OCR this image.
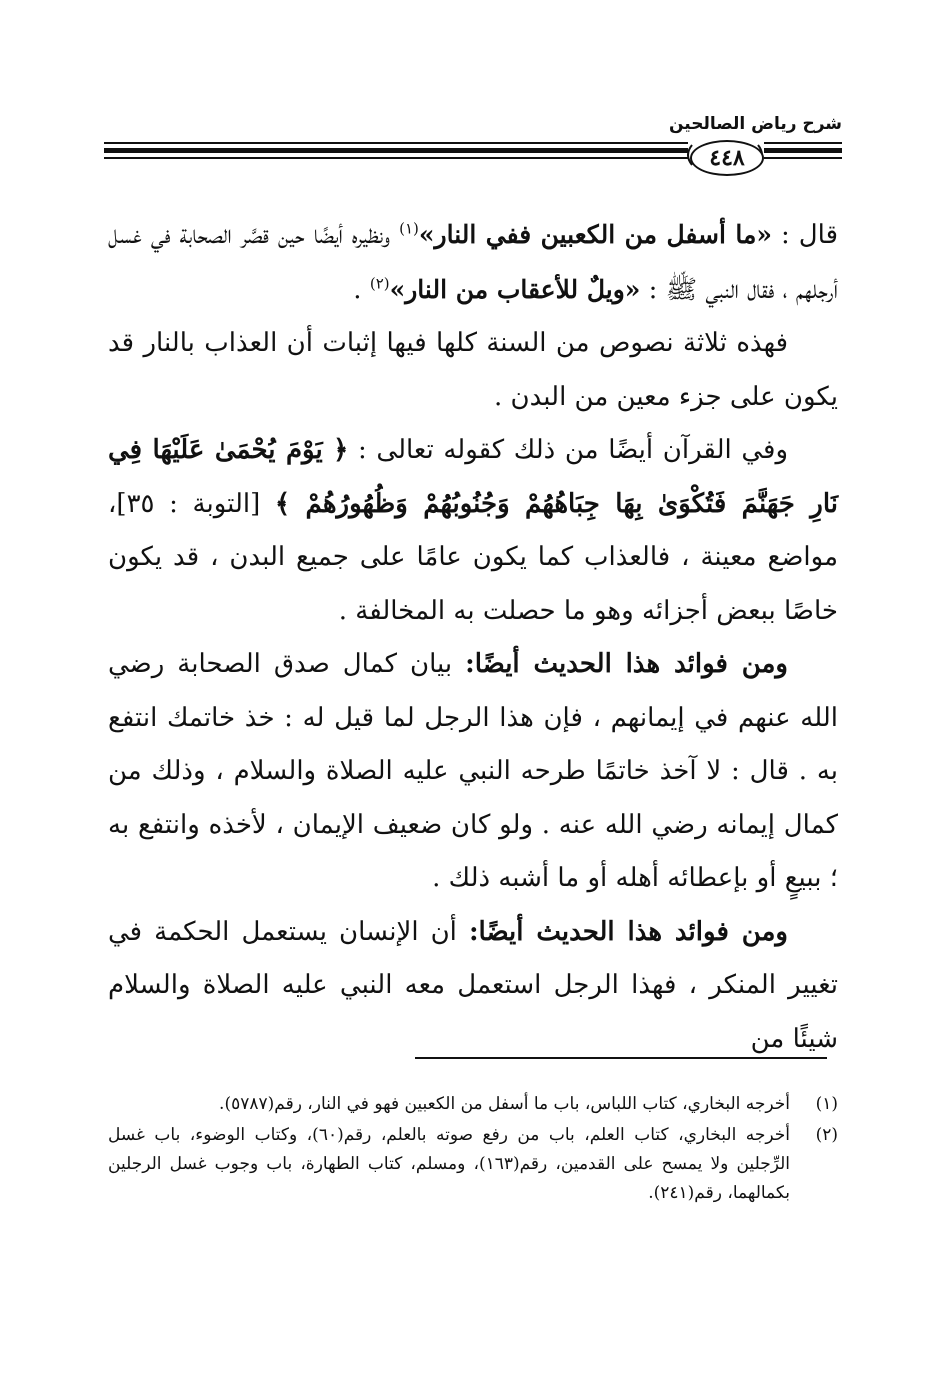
شرح رياض الصالحين
٤٤٨

قال : «ما أسفل من الكعبين ففي النار»$^{(١)}$ ونظيره أيضًا حين قصَّر الصحابة في غسل أرجلهم ، فقال النبي ﷺ : «ويلٌ للأعقاب من النار»$^{(٢)}$ .

فهذه ثلاثة نصوص من السنة كلها فيها إثبات أن العذاب بالنار قد يكون على جزء معين من البدن .

وفي القرآن أيضًا من ذلك كقوله تعالى : ﴿ يَوْمَ يُحْمَىٰ عَلَيْهَا فِي نَارِ جَهَنَّمَ فَتُكْوَىٰ بِهَا جِبَاهُهُمْ وَجُنُوبُهُمْ وَظُهُورُهُمْ ﴾ [التوبة : ٣٥]، مواضع معينة ، فالعذاب كما يكون عامًا على جميع البدن ، قد يكون خاصًا ببعض أجزائه وهو ما حصلت به المخالفة .

ومن فوائد هذا الحديث أيضًا: بيان كمال صدق الصحابة رضي الله عنهم في إيمانهم ، فإن هذا الرجل لما قيل له : خذ خاتمك انتفع به . قال : لا آخذ خاتمًا طرحه النبي عليه الصلاة والسلام ، وذلك من كمال إيمانه رضي الله عنه . ولو كان ضعيف الإيمان ، لأخذه وانتفع به ؛ ببيعٍ أو بإعطائه أهله أو ما أشبه ذلك .

ومن فوائد هذا الحديث أيضًا: أن الإنسان يستعمل الحكمة في تغيير المنكر ، فهذا الرجل استعمل معه النبي عليه الصلاة والسلام شيئًا من

(١)
أخرجه البخاري، كتاب اللباس، باب ما أسفل من الكعبين فهو في النار، رقم(٥٧٨٧).
(٢)
أخرجه البخاري، كتاب العلم، باب من رفع صوته بالعلم، رقم(٦٠)، وكتاب الوضوء، باب غسل الرِّجلين ولا يمسح على القدمين، رقم(١٦٣)، ومسلم، كتاب الطهارة، باب وجوب غسل الرجلين بكمالهما، رقم(٢٤١).
